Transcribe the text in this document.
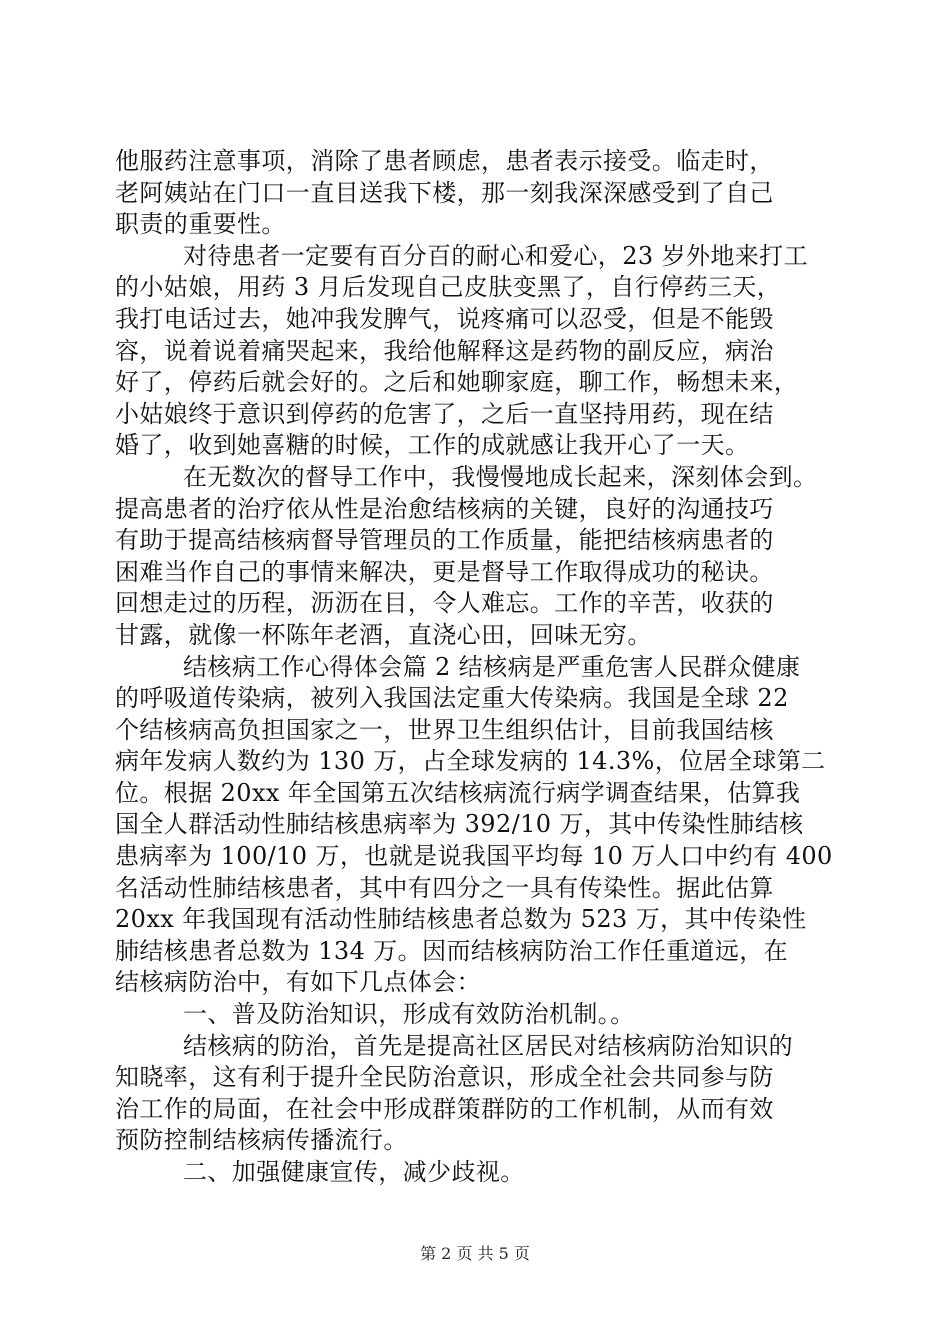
他服药注意事项，消除了患者顾虑，患者表示接受。临走时，
老阿姨站在门口一直目送我下楼，那一刻我深深感受到了自己
职责的重要性。
对待患者一定要有百分百的耐心和爱心，23 岁外地来打工
的小姑娘，用药 3 月后发现自己皮肤变黑了，自行停药三天，
我打电话过去，她冲我发脾气，说疼痛可以忍受，但是不能毁
容，说着说着痛哭起来，我给他解释这是药物的副反应，病治
好了，停药后就会好的。之后和她聊家庭，聊工作，畅想未来，
小姑娘终于意识到停药的危害了，之后一直坚持用药，现在结
婚了，收到她喜糖的时候，工作的成就感让我开心了一天。
在无数次的督导工作中，我慢慢地成长起来，深刻体会到。
提高患者的治疗依从性是治愈结核病的关键，良好的沟通技巧
有助于提高结核病督导管理员的工作质量，能把结核病患者的
困难当作自己的事情来解决，更是督导工作取得成功的秘诀。
回想走过的历程，沥沥在目，令人难忘。工作的辛苦，收获的
甘露，就像一杯陈年老酒，直浇心田，回味无穷。
结核病工作心得体会篇 2 结核病是严重危害人民群众健康
的呼吸道传染病，被列入我国法定重大传染病。我国是全球 22
个结核病高负担国家之一，世界卫生组织估计，目前我国结核
病年发病人数约为 130 万，占全球发病的 14.3%，位居全球第二
位。根据 20xx 年全国第五次结核病流行病学调查结果，估算我
国全人群活动性肺结核患病率为 392/10 万，其中传染性肺结核
患病率为 100/10 万，也就是说我国平均每 10 万人口中约有 400
名活动性肺结核患者，其中有四分之一具有传染性。据此估算
20xx 年我国现有活动性肺结核患者总数为 523 万，其中传染性
肺结核患者总数为 134 万。因而结核病防治工作任重道远，在
结核病防治中，有如下几点体会：
一、普及防治知识，形成有效防治机制。。
结核病的防治，首先是提高社区居民对结核病防治知识的
知晓率，这有利于提升全民防治意识，形成全社会共同参与防
治工作的局面，在社会中形成群策群防的工作机制，从而有效
预防控制结核病传播流行。
二、加强健康宣传，减少歧视。
第 2 页 共 5 页
